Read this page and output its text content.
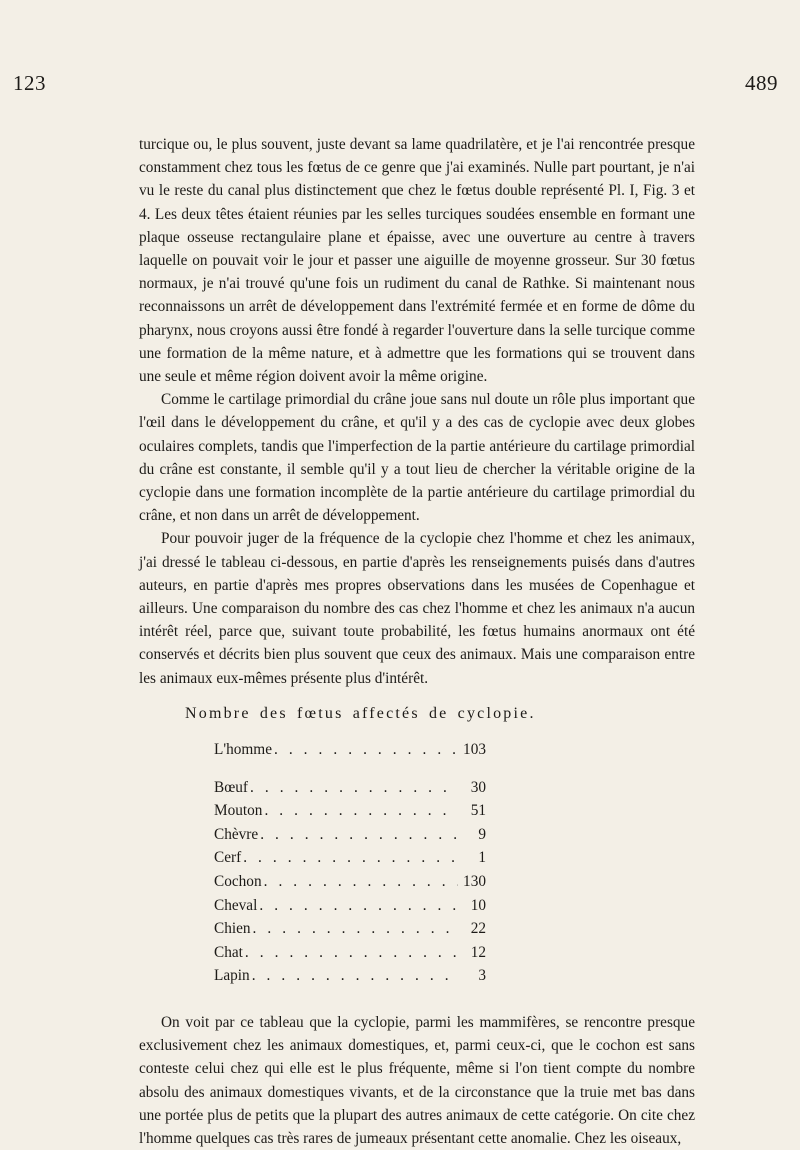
123	489

turcique ou, le plus souvent, juste devant sa lame quadrilatère, et je l'ai rencontrée presque constamment chez tous les fœtus de ce genre que j'ai examinés. Nulle part pourtant, je n'ai vu le reste du canal plus distinctement que chez le fœtus double représenté Pl. I, Fig. 3 et 4. Les deux têtes étaient réunies par les selles turciques soudées ensemble en formant une plaque osseuse rectangulaire plane et épaisse, avec une ouverture au centre à travers laquelle on pouvait voir le jour et passer une aiguille de moyenne grosseur. Sur 30 fœtus normaux, je n'ai trouvé qu'une fois un rudiment du canal de Rathke. Si maintenant nous reconnaissons un arrêt de développement dans l'extrémité fermée et en forme de dôme du pharynx, nous croyons aussi être fondé à regarder l'ouverture dans la selle turcique comme une formation de la même nature, et à admettre que les formations qui se trouvent dans une seule et même région doivent avoir la même origine.

Comme le cartilage primordial du crâne joue sans nul doute un rôle plus important que l'œil dans le développement du crâne, et qu'il y a des cas de cyclopie avec deux globes oculaires complets, tandis que l'imperfection de la partie antérieure du cartilage primordial du crâne est constante, il semble qu'il y a tout lieu de chercher la véritable origine de la cyclopie dans une formation incomplète de la partie antérieure du cartilage primordial du crâne, et non dans un arrêt de développement.

Pour pouvoir juger de la fréquence de la cyclopie chez l'homme et chez les animaux, j'ai dressé le tableau ci-dessous, en partie d'après les renseignements puisés dans d'autres auteurs, en partie d'après mes propres observations dans les musées de Copenhague et ailleurs. Une comparaison du nombre des cas chez l'homme et chez les animaux n'a aucun intérêt réel, parce que, suivant toute probabilité, les fœtus humains anormaux ont été conservés et décrits bien plus souvent que ceux des animaux. Mais une comparaison entre les animaux eux-mêmes présente plus d'intérêt.

Nombre des fœtus affectés de cyclopie.
L'homme . . .	103
Bœuf . . .	30
Mouton . . .	51
Chèvre . . .	9
Cerf . . .	1
Cochon . . .	130
Cheval . . .	10
Chien . . .	22
Chat . . .	12
Lapin . . .	3

On voit par ce tableau que la cyclopie, parmi les mammifères, se rencontre presque exclusivement chez les animaux domestiques, et, parmi ceux-ci, que le cochon est sans conteste celui chez qui elle est le plus fréquente, même si l'on tient compte du nombre absolu des animaux domestiques vivants, et de la circonstance que la truie met bas dans une portée plus de petits que la plupart des autres animaux de cette catégorie. On cite chez l'homme quelques cas très rares de jumeaux présentant cette anomalie. Chez les oiseaux,
